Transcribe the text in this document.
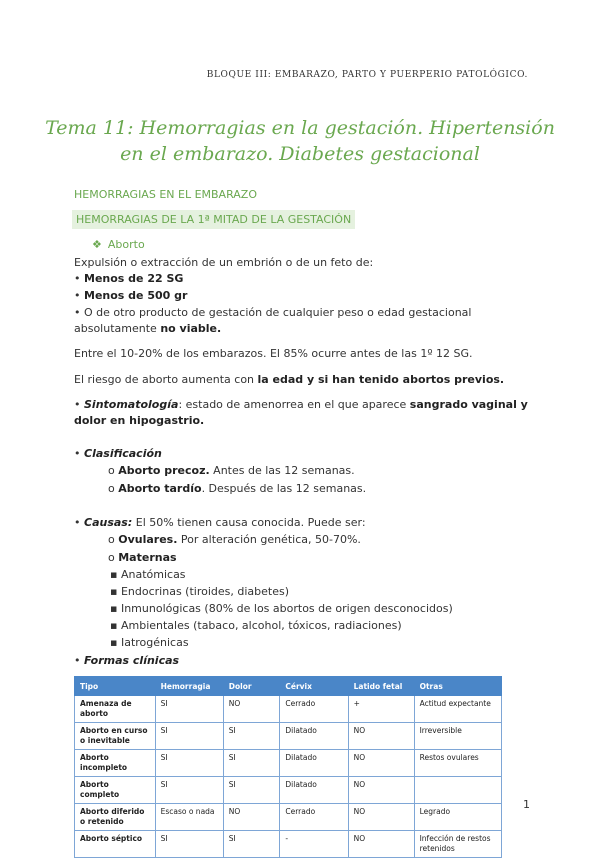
BLOQUE III: EMBARAZO, PARTO Y PUERPERIO PATOLÓGICO.
Tema 11: Hemorragias en la gestación. Hipertensión
en el embarazo. Diabetes gestacional
HEMORRAGIAS EN EL EMBARAZO
HEMORRAGIAS DE LA 1ª MITAD DE LA GESTACIÓN
❖ Aborto
Expulsión o extracción de un embrión o de un feto de:
• Menos de 22 SG
• Menos de 500 gr
• O de otro producto de gestación de cualquier peso o edad gestacional absolutamente no viable.
Entre el 10-20% de los embarazos. El 85% ocurre antes de las 1º 12 SG.
El riesgo de aborto aumenta con la edad y si han tenido abortos previos.
• Sintomatología: estado de amenorrea en el que aparece sangrado vaginal y dolor en hipogastrio.
• Clasificación
o Aborto precoz. Antes de las 12 semanas.
o Aborto tardío. Después de las 12 semanas.
• Causas: El 50% tienen causa conocida. Puede ser:
o Ovulares. Por alteración genética, 50-70%.
o Maternas
▪ Anatómicas
▪ Endocrinas (tiroides, diabetes)
▪ Inmunológicas (80% de los abortos de origen desconocidos)
▪ Ambientales (tabaco, alcohol, tóxicos, radiaciones)
▪ Iatrogénicas
• Formas clínicas
Tipo	Hemorragia	Dolor	Cérvix	Latido fetal	Otras
Amenaza de aborto	SI	NO	Cerrado	+	Actitud expectante
Aborto en curso o inevitable	SI	SI	Dilatado	NO	Irreversible
Aborto incompleto	SI	SI	Dilatado	NO	Restos ovulares
Aborto completo	SI	SI	Dilatado	NO	
Aborto diferido o retenido	Escaso o nada	NO	Cerrado	NO	Legrado
Aborto séptico	SI	SI	-	NO	Infección de restos retenidos
1
